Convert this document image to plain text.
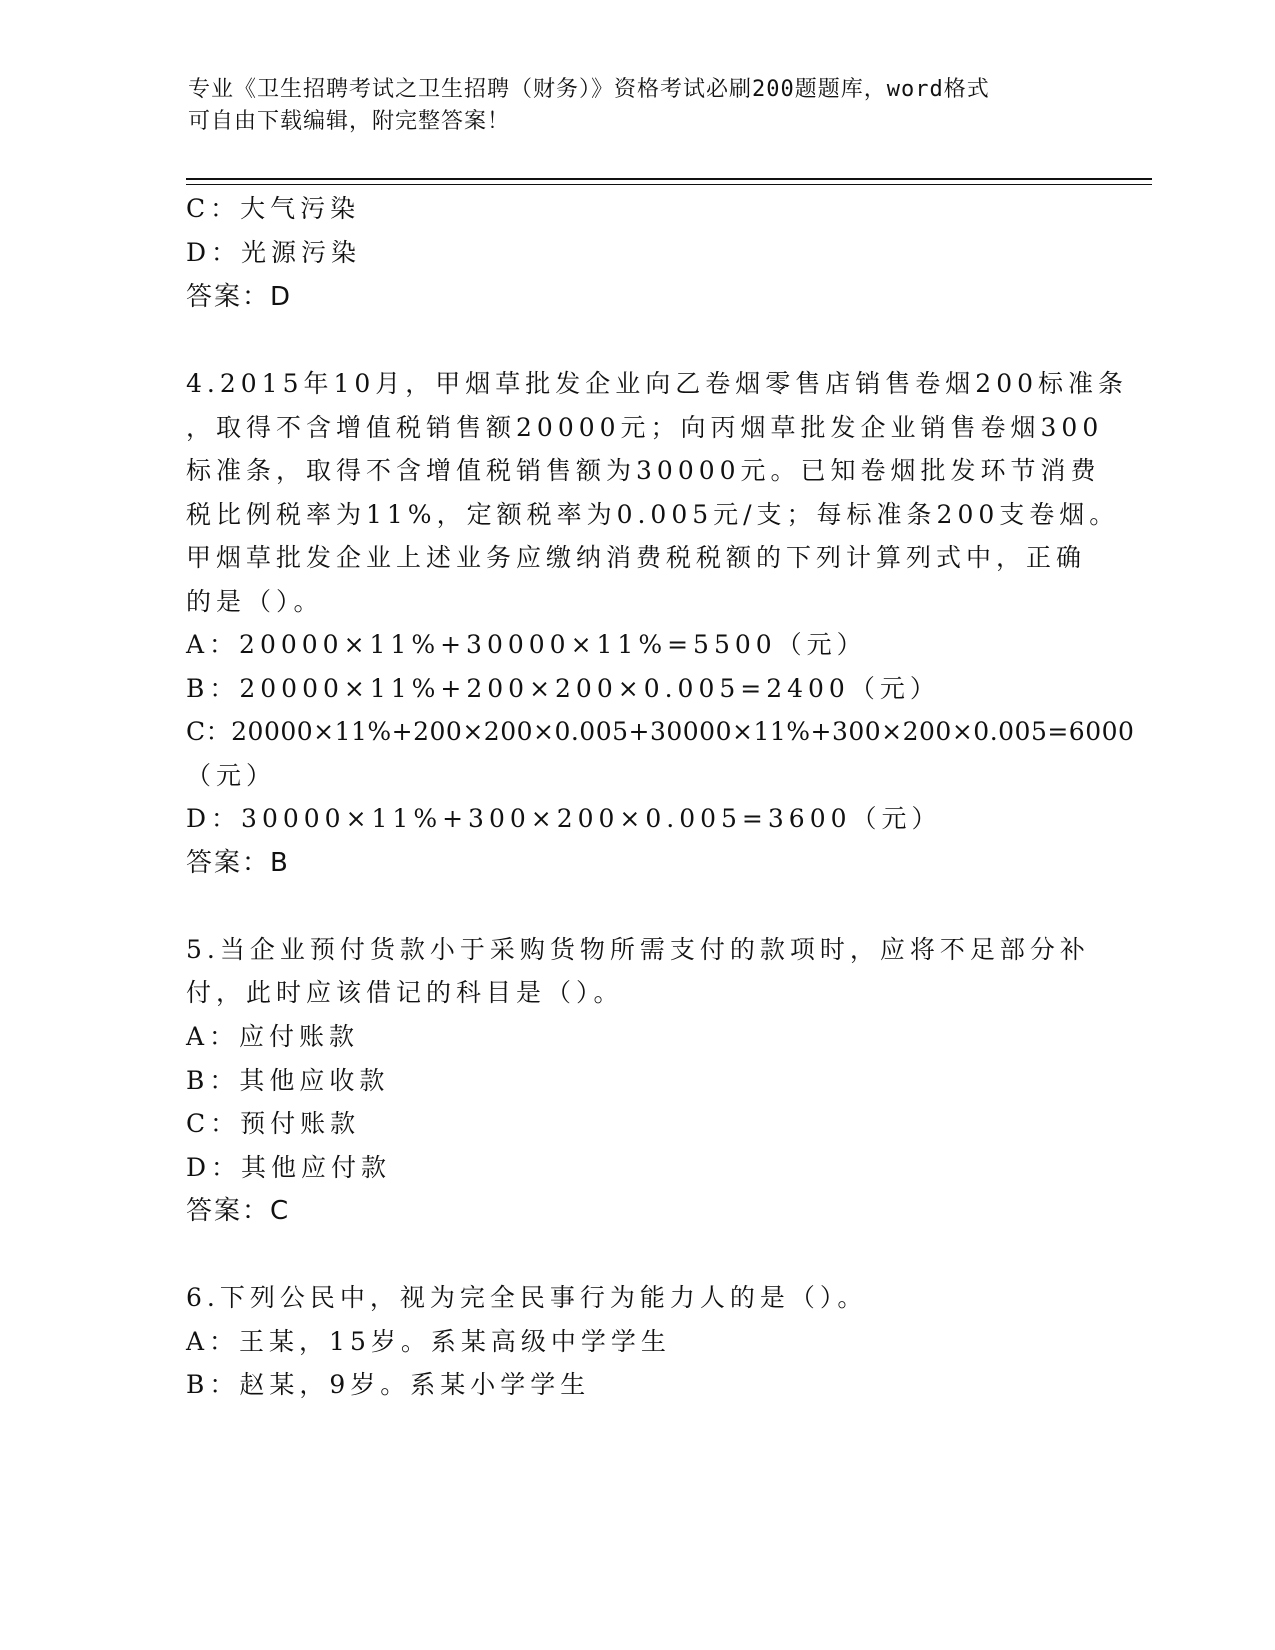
专业《卫生招聘考试之卫生招聘（财务）》资格考试必刷200题题库，word格式
可自由下载编辑，附完整答案！
C：大气污染
D：光源污染
答案：D
4.2015年10月，甲烟草批发企业向乙卷烟零售店销售卷烟200标准条
，取得不含增值税销售额20000元；向丙烟草批发企业销售卷烟300
标准条，取得不含增值税销售额为30000元。已知卷烟批发环节消费
税比例税率为11%，定额税率为0.005元/支；每标准条200支卷烟。
甲烟草批发企业上述业务应缴纳消费税税额的下列计算列式中，正确
的是（）。
A：20000×11%+30000×11%=5500（元）
B：20000×11%+200×200×0.005=2400（元）
C：20000×11%+200×200×0.005+30000×11%+300×200×0.005=6000
（元）
D：30000×11%+300×200×0.005=3600（元）
答案：B
5.当企业预付货款小于采购货物所需支付的款项时，应将不足部分补
付，此时应该借记的科目是（）。
A：应付账款
B：其他应收款
C：预付账款
D：其他应付款
答案：C
6.下列公民中，视为完全民事行为能力人的是（）。
A：王某，15岁。系某高级中学学生
B：赵某，9岁。系某小学学生
